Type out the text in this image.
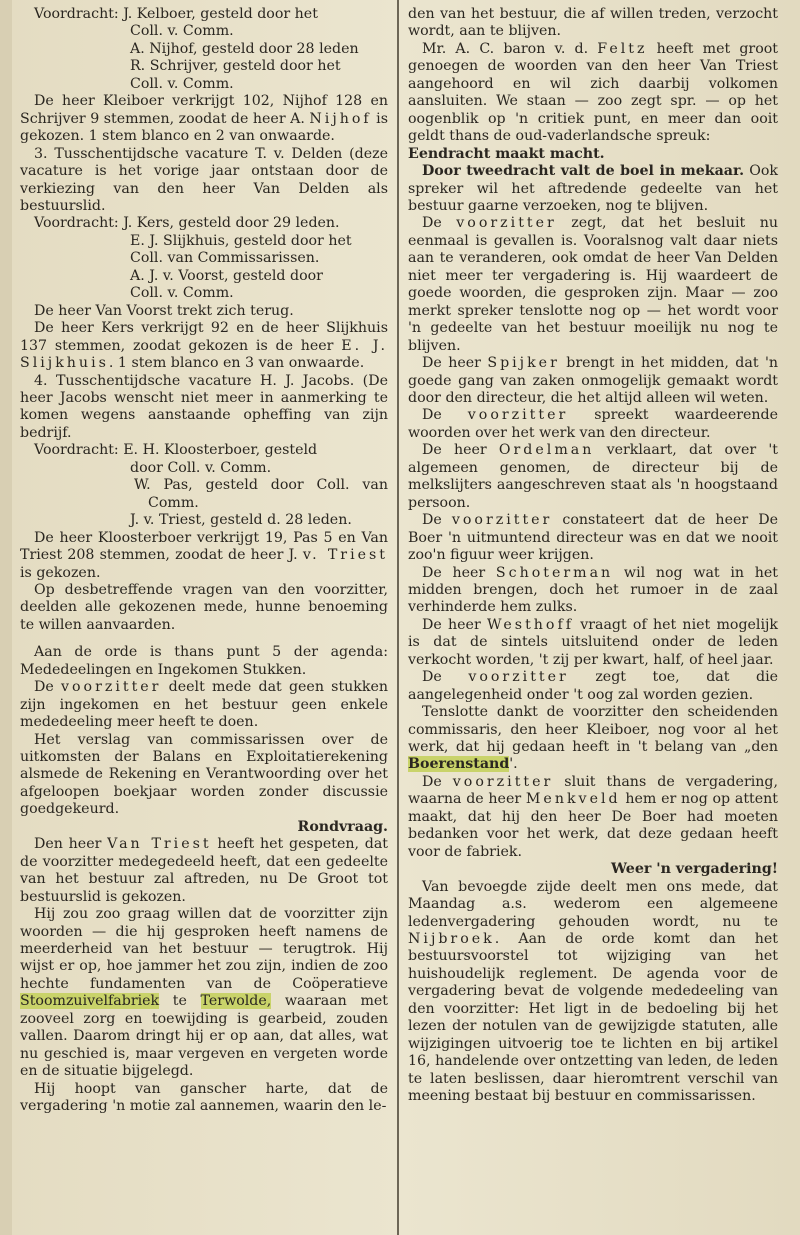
Voordracht: J. Kelboer, gesteld door het

Coll. v. Comm.

A. Nijhof, gesteld door 28 leden

R. Schrijver, gesteld door het

Coll. v. Comm.

De heer Kleiboer verkrijgt 102, Nijhof 128 en Schrijver 9 stemmen, zoodat de heer A. Nijhof is gekozen. 1 stem blanco en 2 van onwaarde.

3. Tusschentijdsche vacature T. v. Delden (deze vacature is het vorige jaar ontstaan door de verkiezing van den heer Van Delden als bestuurslid.

Voordracht: J. Kers, gesteld door 29 leden.

E. J. Slijkhuis, gesteld door het

Coll. van Commissarissen.

A. J. v. Voorst, gesteld door

Coll. v. Comm.

De heer Van Voorst trekt zich terug.

De heer Kers verkrijgt 92 en de heer Slijkhuis 137 stemmen, zoodat gekozen is de heer E. J. Slijkhuis. 1 stem blanco en 3 van onwaarde.

4. Tusschentijdsche vacature H. J. Jacobs. (De heer Jacobs wenscht niet meer in aanmerking te komen wegens aanstaande opheffing van zijn bedrijf.

Voordracht: E. H. Kloosterboer, gesteld

door Coll. v. Comm.

W. Pas, gesteld door Coll. van Comm.

J. v. Triest, gesteld d. 28 leden.

De heer Kloosterboer verkrijgt 19, Pas 5 en Van Triest 208 stemmen, zoodat de heer J. v. Triest is gekozen.

Op desbetreffende vragen van den voorzitter, deelden alle gekozenen mede, hunne benoeming te willen aanvaarden.

Aan de orde is thans punt 5 der agenda: Mededeelingen en Ingekomen Stukken.

De voorzitter deelt mede dat geen stukken zijn ingekomen en het bestuur geen enkele mededeeling meer heeft te doen.

Het verslag van commissarissen over de uitkomsten der Balans en Exploitatierekening alsmede de Rekening en Verantwoording over het afgeloopen boekjaar worden zonder discussie goedgekeurd.

Rondvraag.

Den heer Van Triest heeft het gespeten, dat de voorzitter medegedeeld heeft, dat een gedeelte van het bestuur zal aftreden, nu De Groot tot bestuurslid is gekozen.

Hij zou zoo graag willen dat de voorzitter zijn woorden — die hij gesproken heeft namens de meerderheid van het bestuur — terugtrok. Hij wijst er op, hoe jammer het zou zijn, indien de zoo hechte fundamenten van de Coöperatieve Stoomzuivelfabriek te Terwolde, waaraan met zooveel zorg en toewijding is gearbeid, zouden vallen. Daarom dringt hij er op aan, dat alles, wat nu geschied is, maar vergeven en vergeten worde en de situatie bijgelegd.

Hij hoopt van ganscher harte, dat de vergadering 'n motie zal aannemen, waarin den le-

den van het bestuur, die af willen treden, verzocht wordt, aan te blijven.

Mr. A. C. baron v. d. Feltz heeft met groot genoegen de woorden van den heer Van Triest aangehoord en wil zich daarbij volkomen aansluiten. We staan — zoo zegt spr. — op het oogenblik op 'n critiek punt, en meer dan ooit geldt thans de oud-vaderlandsche spreuk:

Eendracht maakt macht.

Door tweedracht valt de boel in mekaar. Ook spreker wil het aftredende gedeelte van het bestuur gaarne verzoeken, nog te blijven.

De voorzitter zegt, dat het besluit nu eenmaal is gevallen is. Vooralsnog valt daar niets aan te veranderen, ook omdat de heer Van Delden niet meer ter vergadering is. Hij waardeert de goede woorden, die gesproken zijn. Maar — zoo merkt spreker tenslotte nog op — het wordt voor 'n gedeelte van het bestuur moeilijk nu nog te blijven.

De heer Spijker brengt in het midden, dat 'n goede gang van zaken onmogelijk gemaakt wordt door den directeur, die het altijd alleen wil weten.

De voorzitter spreekt waardeerende woorden over het werk van den directeur.

De heer Ordelman verklaart, dat over 't algemeen genomen, de directeur bij de melkslijters aangeschreven staat als 'n hoogstaand persoon.

De voorzitter constateert dat de heer De Boer 'n uitmuntend directeur was en dat we nooit zoo'n figuur weer krijgen.

De heer Schoterman wil nog wat in het midden brengen, doch het rumoer in de zaal verhinderde hem zulks.

De heer Westhoff vraagt of het niet mogelijk is dat de sintels uitsluitend onder de leden verkocht worden, 't zij per kwart, half, of heel jaar.

De voorzitter zegt toe, dat die aangelegenheid onder 't oog zal worden gezien.

Tenslotte dankt de voorzitter den scheidenden commissaris, den heer Kleiboer, nog voor al het werk, dat hij gedaan heeft in 't belang van „den Boerenstand'.

De voorzitter sluit thans de vergadering, waarna de heer Menkveld hem er nog op attent maakt, dat hij den heer De Boer had moeten bedanken voor het werk, dat deze gedaan heeft voor de fabriek.

Weer 'n vergadering!

Van bevoegde zijde deelt men ons mede, dat Maandag a.s. wederom een algemeene ledenvergadering gehouden wordt, nu te Nijbroek. Aan de orde komt dan het bestuursvoorstel tot wijziging van het huishoudelijk reglement. De agenda voor de vergadering bevat de volgende mededeeling van den voorzitter: Het ligt in de bedoeling bij het lezen der notulen van de gewijzigde statuten, alle wijzigingen uitvoerig toe te lichten en bij artikel 16, handelende over ontzetting van leden, de leden te laten beslissen, daar hieromtrent verschil van meening bestaat bij bestuur en commissarissen.
